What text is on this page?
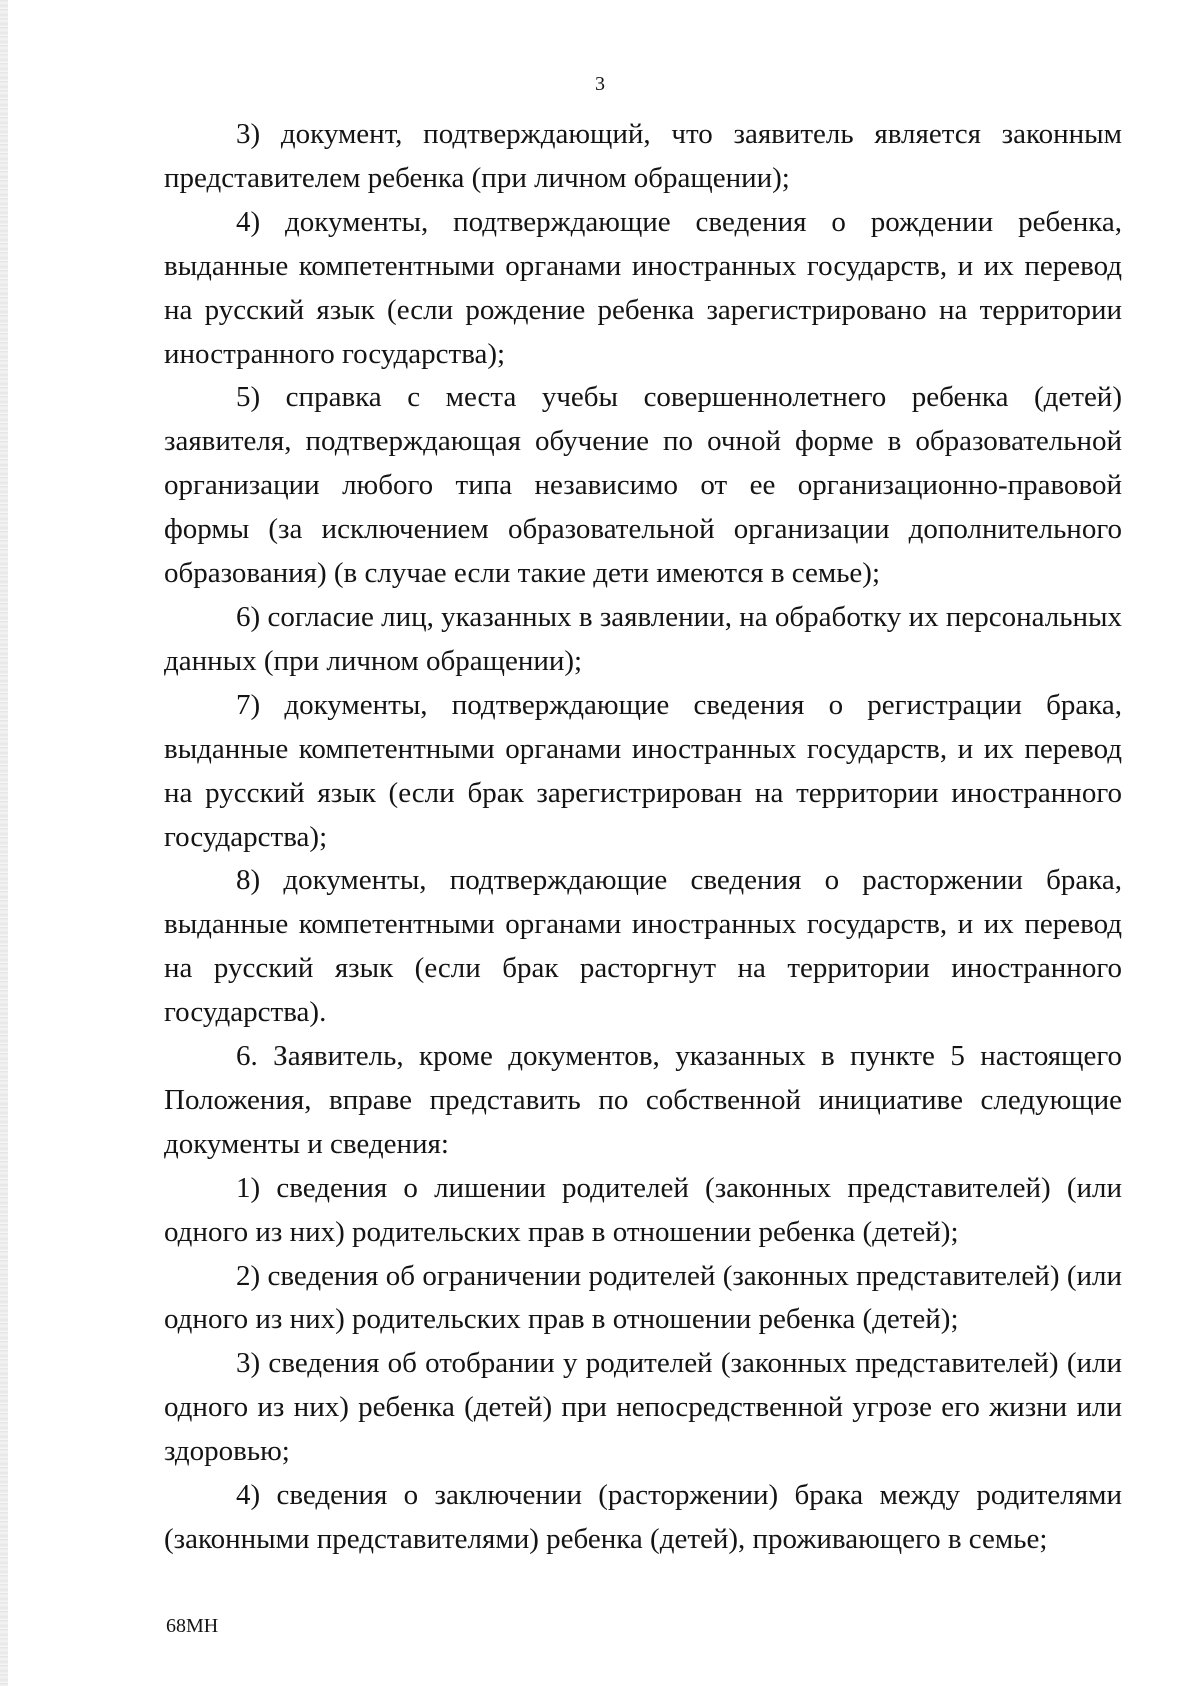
3

3) документ, подтверждающий, что заявитель является законным представителем ребенка (при личном обращении);

4) документы, подтверждающие сведения о рождении ребенка, выданные компетентными органами иностранных государств, и их перевод на русский язык (если рождение ребенка зарегистрировано на территории иностранного государства);

5) справка с места учебы совершеннолетнего ребенка (детей) заявителя, подтверждающая обучение по очной форме в образовательной организации любого типа независимо от ее организационно-правовой формы (за исключением образовательной организации дополнительного образования) (в случае если такие дети имеются в семье);

6) согласие лиц, указанных в заявлении, на обработку их персональных данных (при личном обращении);

7) документы, подтверждающие сведения о регистрации брака, выданные компетентными органами иностранных государств, и их перевод на русский язык (если брак зарегистрирован на территории иностранного государства);

8) документы, подтверждающие сведения о расторжении брака, выданные компетентными органами иностранных государств, и их перевод на русский язык (если брак расторгнут на территории иностранного государства).

6. Заявитель, кроме документов, указанных в пункте 5 настоящего Положения, вправе представить по собственной инициативе следующие документы и сведения:

1) сведения о лишении родителей (законных представителей) (или одного из них) родительских прав в отношении ребенка (детей);

2) сведения об ограничении родителей (законных представителей) (или одного из них) родительских прав в отношении ребенка (детей);

3) сведения об отобрании у родителей (законных представителей) (или одного из них) ребенка (детей) при непосредственной угрозе его жизни или здоровью;

4) сведения о заключении (расторжении) брака между родителями (законными представителями) ребенка (детей), проживающего в семье;

68MH
